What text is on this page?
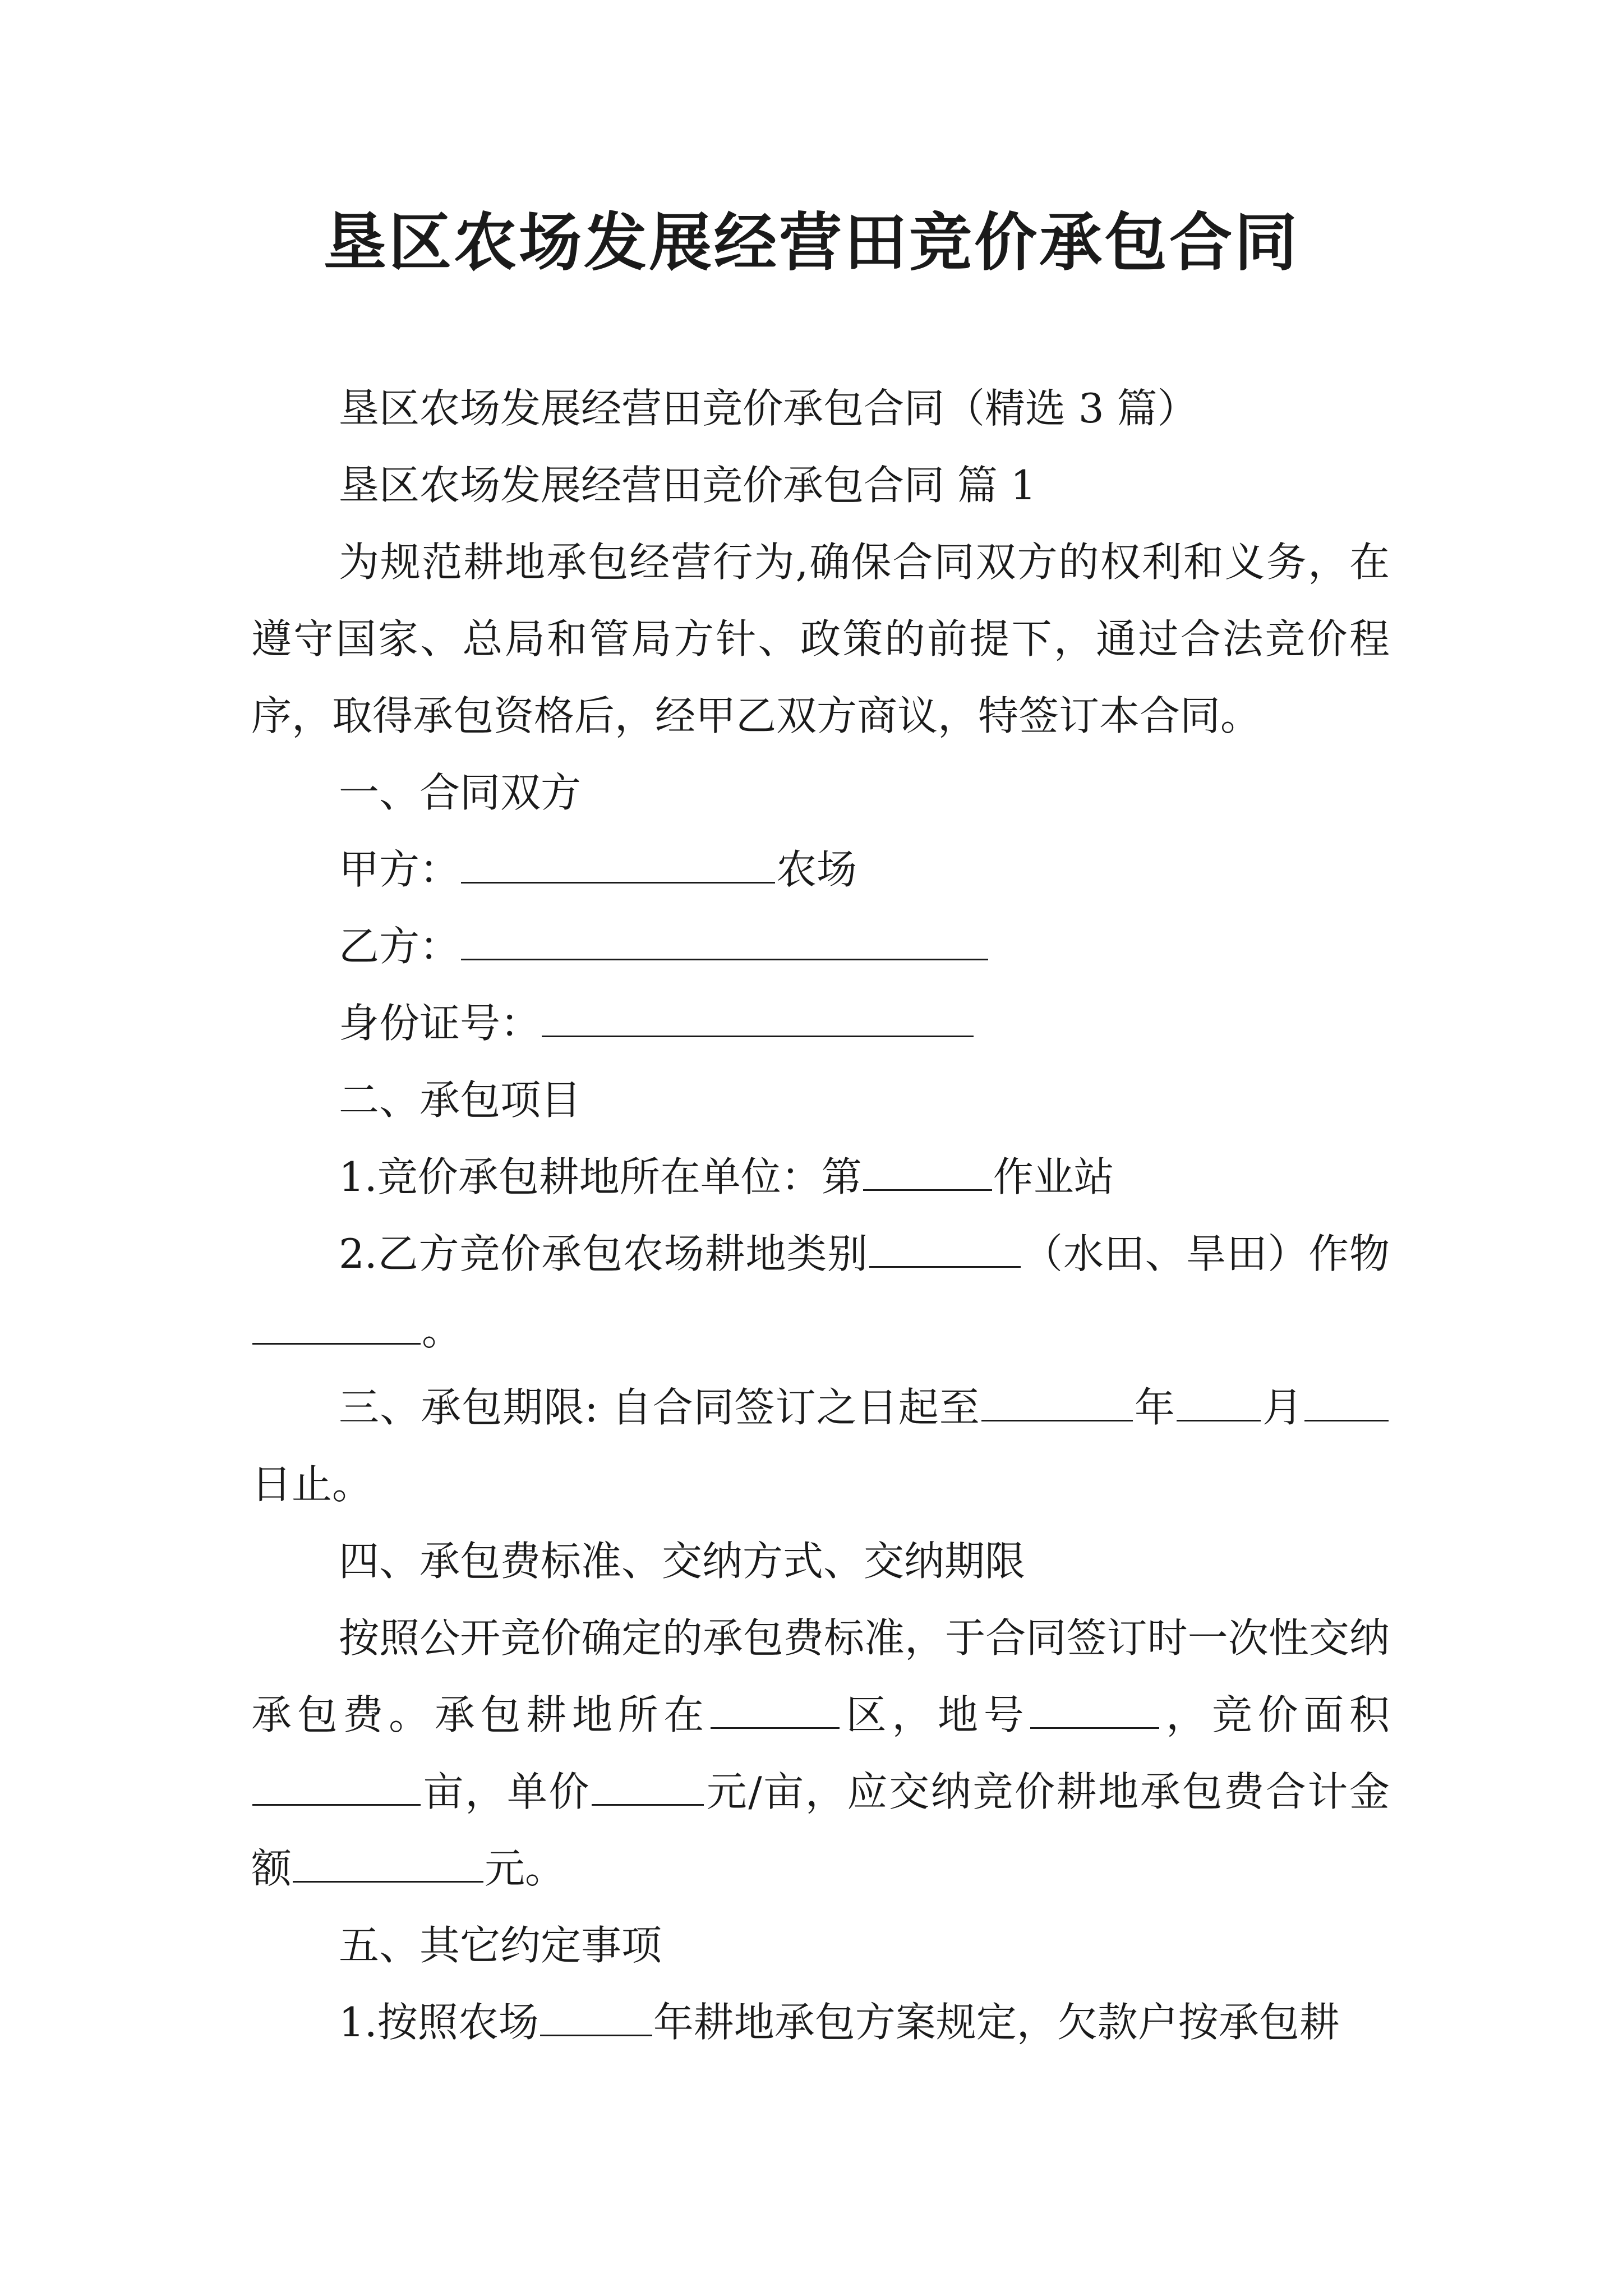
垦区农场发展经营田竞价承包合同

垦区农场发展经营田竞价承包合同（精选 3 篇）

垦区农场发展经营田竞价承包合同 篇 1

为规范耕地承包经营行为,确保合同双方的权利和义务，在遵守国家、总局和管局方针、政策的前提下，通过合法竞价程序，取得承包资格后，经甲乙双方商议，特签订本合同。

一、合同双方

甲方：	农场

乙方：

身份证号：

二、承包项目

1.竞价承包耕地所在单位：第	作业站

2.乙方竞价承包农场耕地类别	（水田、旱田）作物。

三、承包期限: 自合同签订之日起至	年 月日止。

四、承包费标准、交纳方式、交纳期限

按照公开竞价确定的承包费标准，于合同签订时一次性交纳承包费。承包耕地所在	区，地号	，竞价面积亩，单价	元/亩，应交纳竞价耕地承包费合计金额	元。

五、其它约定事项

1.按照农场	年耕地承包方案规定，欠款户按承包耕
